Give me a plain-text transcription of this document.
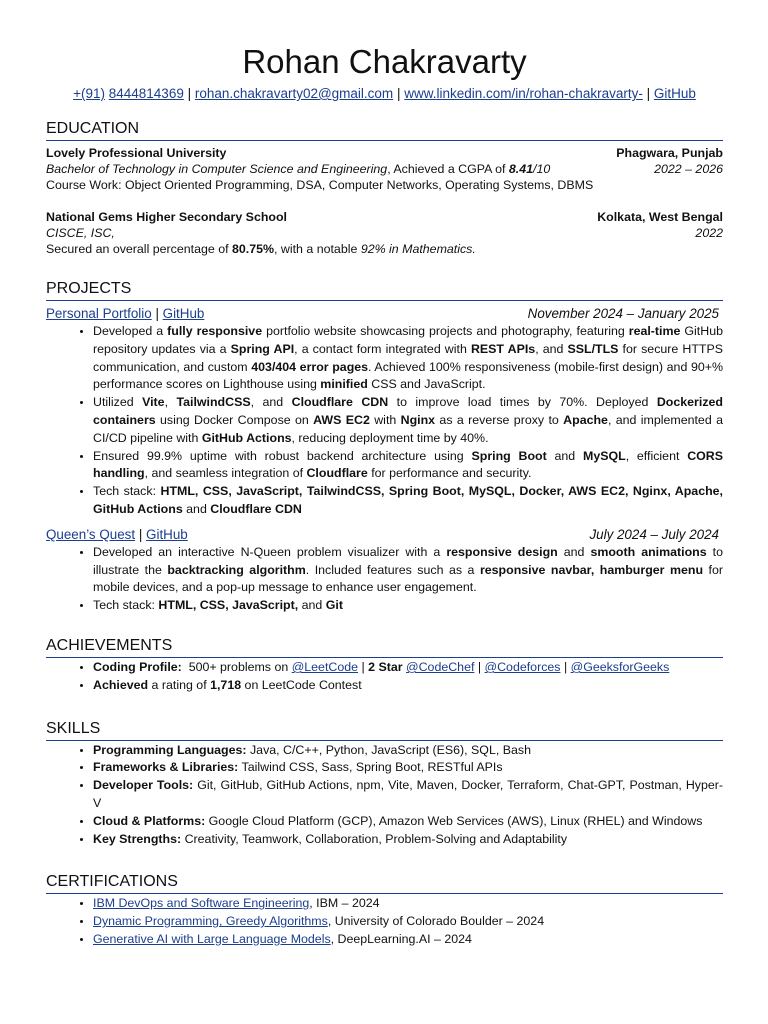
Rohan Chakravarty
+(91) 8444814369 | rohan.chakravarty02@gmail.com | www.linkedin.com/in/rohan-chakravarty- | GitHub
EDUCATION
Lovely Professional University	Phagwara, Punjab
Bachelor of Technology in Computer Science and Engineering, Achieved a CGPA of 8.41/10	2022 – 2026
Course Work: Object Oriented Programming, DSA, Computer Networks, Operating Systems, DBMS
National Gems Higher Secondary School	Kolkata, West Bengal
CISCE, ISC,	2022
Secured an overall percentage of 80.75%, with a notable 92% in Mathematics.
PROJECTS
Personal Portfolio | GitHub	November 2024 – January 2025
• Developed a fully responsive portfolio website showcasing projects and photography, featuring real-time GitHub repository updates via a Spring API, a contact form integrated with REST APIs, and SSL/TLS for secure HTTPS communication, and custom 403/404 error pages. Achieved 100% responsiveness (mobile-first design) and 90+% performance scores on Lighthouse using minified CSS and JavaScript.
• Utilized Vite, TailwindCSS, and Cloudflare CDN to improve load times by 70%. Deployed Dockerized containers using Docker Compose on AWS EC2 with Nginx as a reverse proxy to Apache, and implemented a CI/CD pipeline with GitHub Actions, reducing deployment time by 40%.
• Ensured 99.9% uptime with robust backend architecture using Spring Boot and MySQL, efficient CORS handling, and seamless integration of Cloudflare for performance and security.
• Tech stack: HTML, CSS, JavaScript, TailwindCSS, Spring Boot, MySQL, Docker, AWS EC2, Nginx, Apache, GitHub Actions and Cloudflare CDN
Queen’s Quest | GitHub	July 2024 – July 2024
• Developed an interactive N-Queen problem visualizer with a responsive design and smooth animations to illustrate the backtracking algorithm. Included features such as a responsive navbar, hamburger menu for mobile devices, and a pop-up message to enhance user engagement.
• Tech stack: HTML, CSS, JavaScript, and Git
ACHIEVEMENTS
• Coding Profile: 500+ problems on @LeetCode | 2 Star @CodeChef | @Codeforces | @GeeksforGeeks
• Achieved a rating of 1,718 on LeetCode Contest
SKILLS
• Programming Languages: Java, C/C++, Python, JavaScript (ES6), SQL, Bash
• Frameworks & Libraries: Tailwind CSS, Sass, Spring Boot, RESTful APIs
• Developer Tools: Git, GitHub, GitHub Actions, npm, Vite, Maven, Docker, Terraform, Chat-GPT, Postman, Hyper-V
• Cloud & Platforms: Google Cloud Platform (GCP), Amazon Web Services (AWS), Linux (RHEL) and Windows
• Key Strengths: Creativity, Teamwork, Collaboration, Problem-Solving and Adaptability
CERTIFICATIONS
• IBM DevOps and Software Engineering, IBM – 2024
• Dynamic Programming, Greedy Algorithms, University of Colorado Boulder – 2024
• Generative AI with Large Language Models, DeepLearning.AI – 2024
